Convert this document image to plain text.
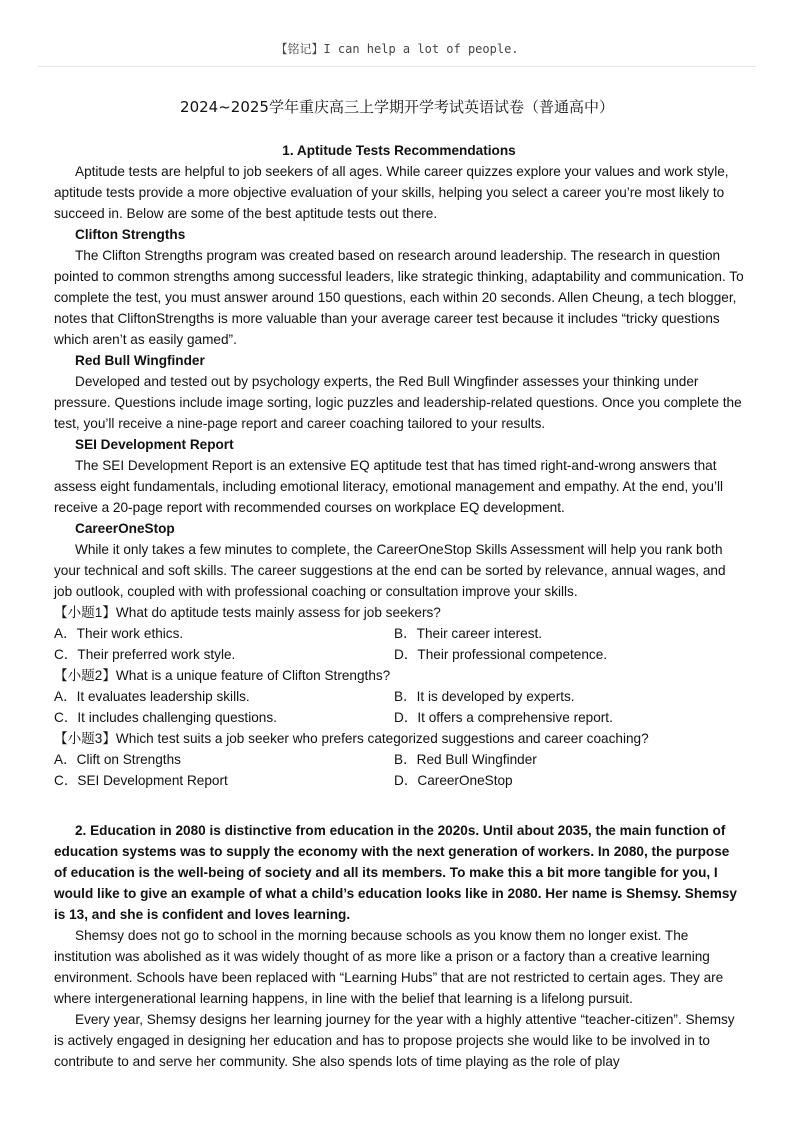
【铭记】I can help a lot of people.
2024~2025学年重庆高三上学期开学考试英语试卷（普通高中）

1. Aptitude Tests Recommendations

Aptitude tests are helpful to job seekers of all ages. While career quizzes explore your values and work style, aptitude tests provide a more objective evaluation of your skills, helping you select a career you’re most likely to succeed in. Below are some of the best aptitude tests out there.

Clifton Strengths

The Clifton Strengths program was created based on research around leadership. The research in question pointed to common strengths among successful leaders, like strategic thinking, adaptability and communication. To complete the test, you must answer around 150 questions, each within 20 seconds. Allen Cheung, a tech blogger, notes that CliftonStrengths is more valuable than your average career test because it includes “tricky questions which aren’t as easily gamed”.

Red Bull Wingfinder

Developed and tested out by psychology experts, the Red Bull Wingfinder assesses your thinking under pressure. Questions include image sorting, logic puzzles and leadership-related questions. Once you complete the test, you’ll receive a nine-page report and career coaching tailored to your results.

SEI Development Report

The SEI Development Report is an extensive EQ aptitude test that has timed right-and-wrong answers that assess eight fundamentals, including emotional literacy, emotional management and empathy. At the end, you’ll receive a 20-page report with recommended courses on workplace EQ development.

CareerOneStop

While it only takes a few minutes to complete, the CareerOneStop Skills Assessment will help you rank both your technical and soft skills. The career suggestions at the end can be sorted by relevance, annual wages, and job outlook, coupled with with professional coaching or consultation improve your skills.

【小题1】What do aptitude tests mainly assess for job seekers?

A．Their work ethics.	B．Their career interest.
C．Their preferred work style.	D．Their professional competence.

【小题2】What is a unique feature of Clifton Strengths?

A．It evaluates leadership skills.	B．It is developed by experts.
C．It includes challenging questions.	D．It offers a comprehensive report.

【小题3】Which test suits a job seeker who prefers categorized suggestions and career coaching?

A．Clift on Strengths	B．Red Bull Wingfinder
C．SEI Development Report	D．CareerOneStop

2. Education in 2080 is distinctive from education in the 2020s. Until about 2035, the main function of education systems was to supply the economy with the next generation of workers. In 2080, the purpose of education is the well-being of society and all its members. To make this a bit more tangible for you, I would like to give an example of what a child’s education looks like in 2080. Her name is Shemsy. Shemsy is 13, and she is confident and loves learning.

Shemsy does not go to school in the morning because schools as you know them no longer exist. The institution was abolished as it was widely thought of as more like a prison or a factory than a creative learning environment. Schools have been replaced with “Learning Hubs” that are not restricted to certain ages. They are where intergenerational learning happens, in line with the belief that learning is a lifelong pursuit.

Every year, Shemsy designs her learning journey for the year with a highly attentive “teacher-citizen”. Shemsy is actively engaged in designing her education and has to propose projects she would like to be involved in to contribute to and serve her community. She also spends lots of time playing as the role of play
